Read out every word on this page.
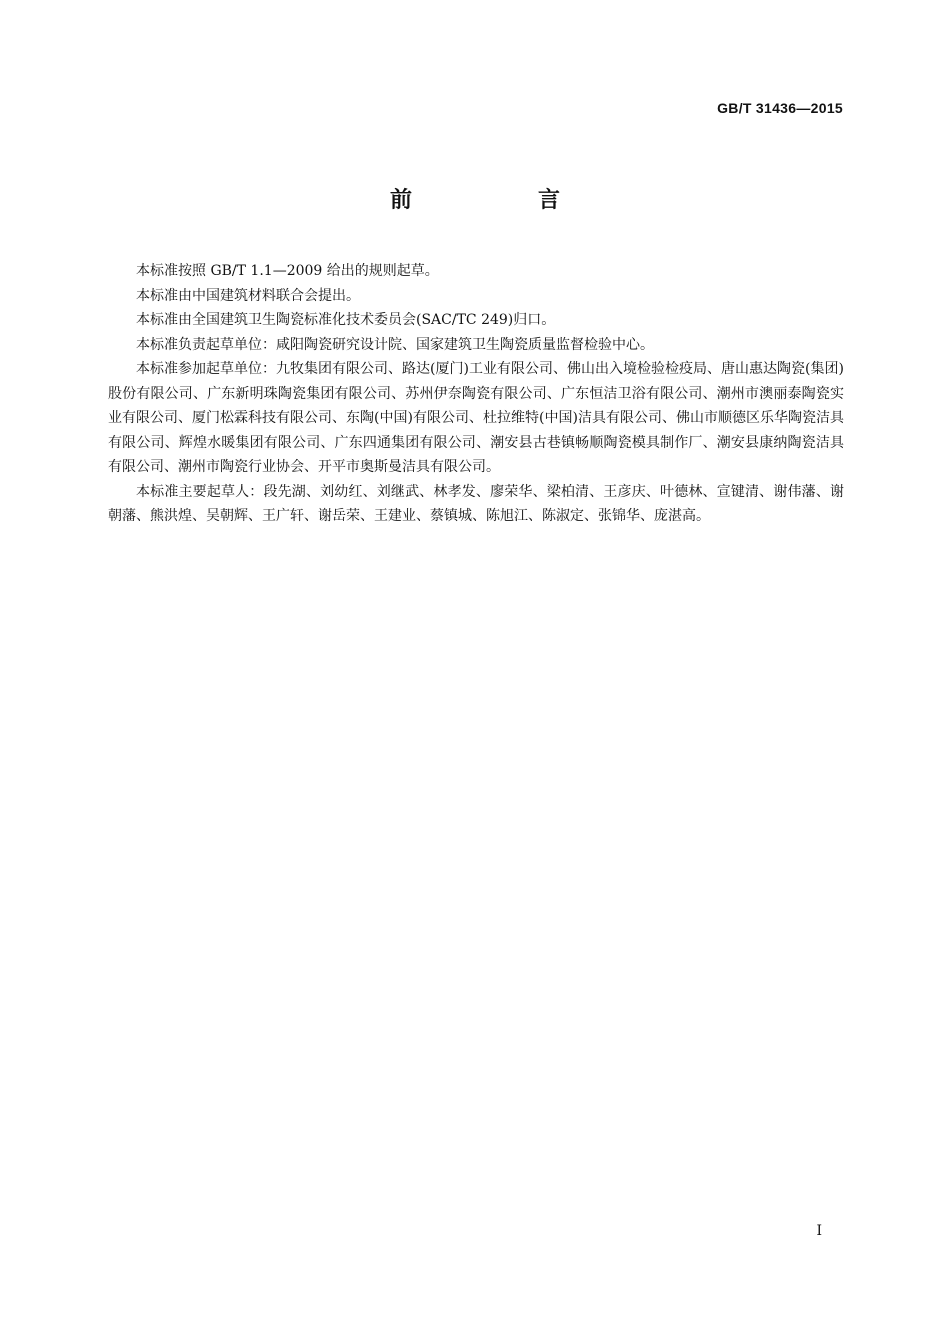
GB/T 31436—2015
前　言

本标准按照 GB/T 1.1—2009 给出的规则起草。

本标准由中国建筑材料联合会提出。

本标准由全国建筑卫生陶瓷标准化技术委员会(SAC/TC 249)归口。

本标准负责起草单位：咸阳陶瓷研究设计院、国家建筑卫生陶瓷质量监督检验中心。

本标准参加起草单位：九牧集团有限公司、路达(厦门)工业有限公司、佛山出入境检验检疫局、唐山惠达陶瓷(集团)股份有限公司、广东新明珠陶瓷集团有限公司、苏州伊奈陶瓷有限公司、广东恒洁卫浴有限公司、潮州市澳丽泰陶瓷实业有限公司、厦门松霖科技有限公司、东陶(中国)有限公司、杜拉维特(中国)洁具有限公司、佛山市顺德区乐华陶瓷洁具有限公司、辉煌水暖集团有限公司、广东四通集团有限公司、潮安县古巷镇畅顺陶瓷模具制作厂、潮安县康纳陶瓷洁具有限公司、潮州市陶瓷行业协会、开平市奥斯曼洁具有限公司。

本标准主要起草人：段先湖、刘幼红、刘继武、林孝发、廖荣华、梁柏清、王彦庆、叶德林、宣键清、谢伟藩、谢朝藩、熊洪煌、吴朝辉、王广轩、谢岳荣、王建业、蔡镇城、陈旭江、陈淑定、张锦华、庞湛高。

I
